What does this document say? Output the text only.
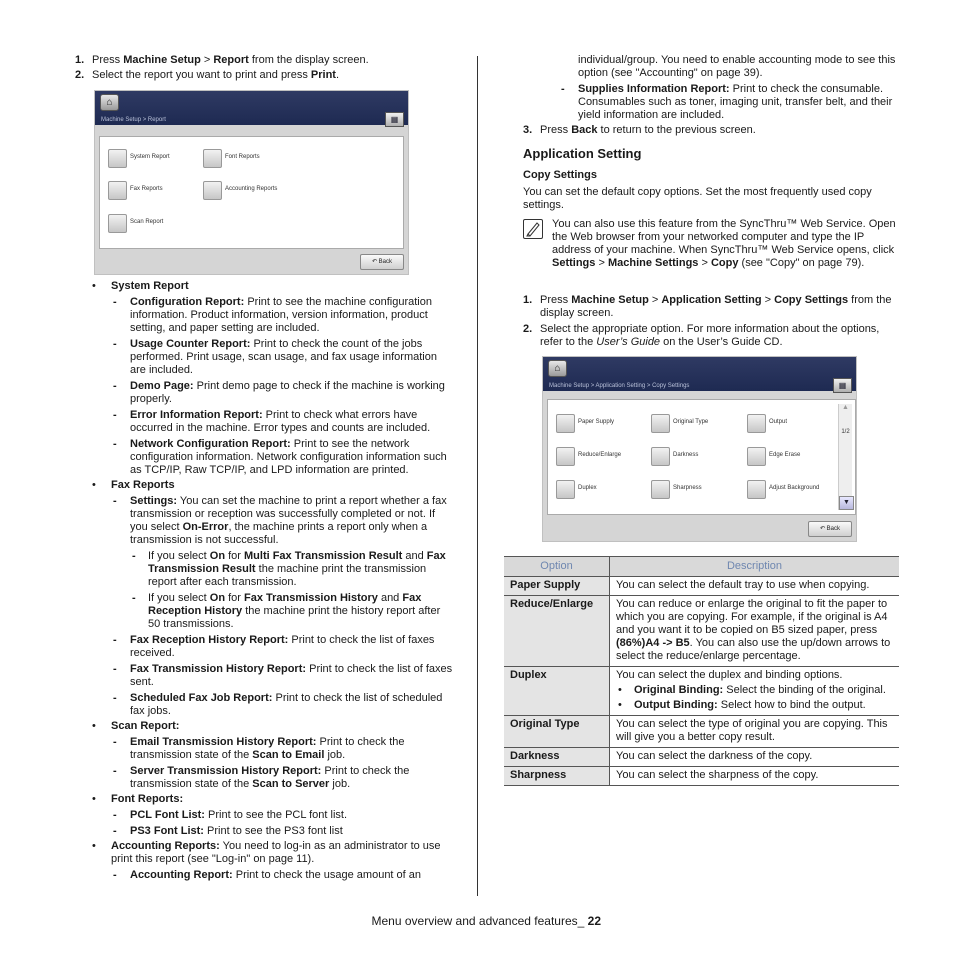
1. Press Machine Setup > Report from the display screen.
2. Select the report you want to print and press Print.
⌂
Machine Setup > Report	▦
System Report	Font Reports
Fax Reports	Accounting Reports
Scan Report
↶ Back
• System Report
- Configuration Report: Print to see the machine configuration information. Product information, version information, product setting, and paper setting are included.
- Usage Counter Report: Print to check the count of the jobs performed. Print usage, scan usage, and fax usage information are included.
- Demo Page: Print demo page to check if the machine is working properly.
- Error Information Report: Print to check what errors have occurred in the machine. Error types and counts are included.
- Network Configuration Report: Print to see the network configuration information. Network configuration information such as TCP/IP, Raw TCP/IP, and LPD information are printed.
• Fax Reports
- Settings: You can set the machine to print a report whether a fax transmission or reception was successfully completed or not. If you select On-Error, the machine prints a report only when a transmission is not successful.
- If you select On for Multi Fax Transmission Result and Fax Transmission Result the machine print the transmission report after each transmission.
- If you select On for Fax Transmission History and Fax Reception History the machine print the history report after 50 transmissions.
- Fax Reception History Report: Print to check the list of faxes received.
- Fax Transmission History Report: Print to check the list of faxes sent.
- Scheduled Fax Job Report: Print to check the list of scheduled fax jobs.
• Scan Report:
- Email Transmission History Report: Print to check the transmission state of the Scan to Email job.
- Server Transmission History Report: Print to check the transmission state of the Scan to Server job.
• Font Reports:
- PCL Font List: Print to see the PCL font list.
- PS3 Font List: Print to see the PS3 font list
• Accounting Reports: You need to log-in as an administrator to use print this report (see "Log-in" on page 11).
- Accounting Report: Print to check the usage amount of an
individual/group. You need to enable accounting mode to see this option (see "Accounting" on page 39).
- Supplies Information Report: Print to check the consumable. Consumables such as toner, imaging unit, transfer belt, and their yield information are included.
3. Press Back to return to the previous screen.
Application Setting
Copy Settings
You can set the default copy options. Set the most frequently used copy settings.
You can also use this feature from the SyncThru™ Web Service. Open the Web browser from your networked computer and type the IP address of your machine. When SyncThru™ Web Service opens, click Settings > Machine Settings > Copy (see "Copy" on page 79).
1. Press Machine Setup > Application Setting > Copy Settings from the display screen.
2. Select the appropriate option. For more information about the options, refer to the User’s Guide on the User’s Guide CD.
⌂
Machine Setup > Application Setting > Copy Settings	▦
Paper Supply	Original Type	Output
Reduce/Enlarge	Darkness	Edge Erase
Duplex	Sharpness	Adjust Background
▲
1/2
▼
↶ Back
Option	Description
Paper Supply	You can select the default tray to use when copying.
Reduce/Enlarge	You can reduce or enlarge the original to fit the paper to which you are copying. For example, if the original is A4 and you want it to be copied on B5 sized paper, press (86%)A4 -> B5. You can also use the up/down arrows to select the reduce/enlarge percentage.
Duplex	You can select the duplex and binding options.
• Original Binding: Select the binding of the original.
• Output Binding: Select how to bind the output.

Original Type	You can select the type of original you are copying. This will give you a better copy result.
Darkness	You can select the darkness of the copy.
Sharpness	You can select the sharpness of the copy.
Menu overview and advanced features_ 22
